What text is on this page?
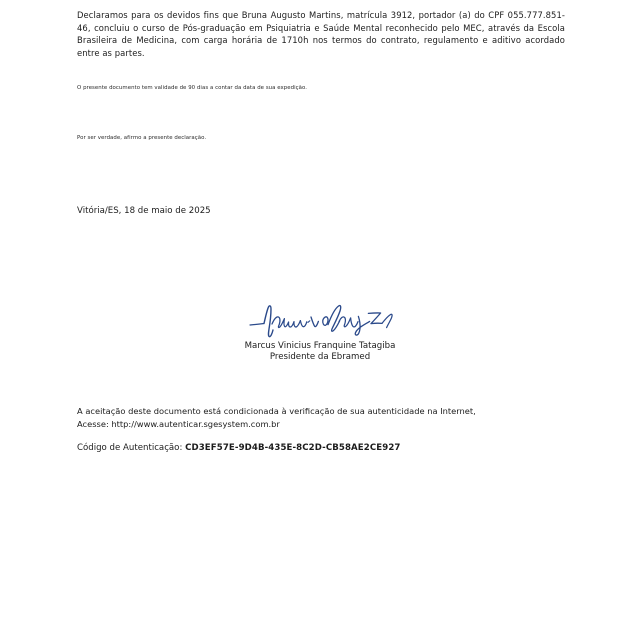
Declaramos para os devidos fins que Bruna Augusto Martins, matrícula 3912, portador (a) do CPF 055.777.851-46, concluiu o curso de Pós-graduação em Psiquiatria e Saúde Mental reconhecido pelo MEC, através da Escola Brasileira de Medicina, com carga horária de 1710h nos termos do contrato, regulamento e aditivo acordado entre as partes.
O presente documento tem validade de 90 dias a contar da data de sua expedição.
Por ser verdade, afirmo a presente declaração.
Vitória/ES, 18 de maio de 2025
Marcus Vinicius Franquine Tatagiba
Presidente da Ebramed
A aceitação deste documento está condicionada à verificação de sua autenticidade na Internet,
Acesse: http://www.autenticar.sgesystem.com.br
Código de Autenticação: CD3EF57E-9D4B-435E-8C2D-CB58AE2CE927
